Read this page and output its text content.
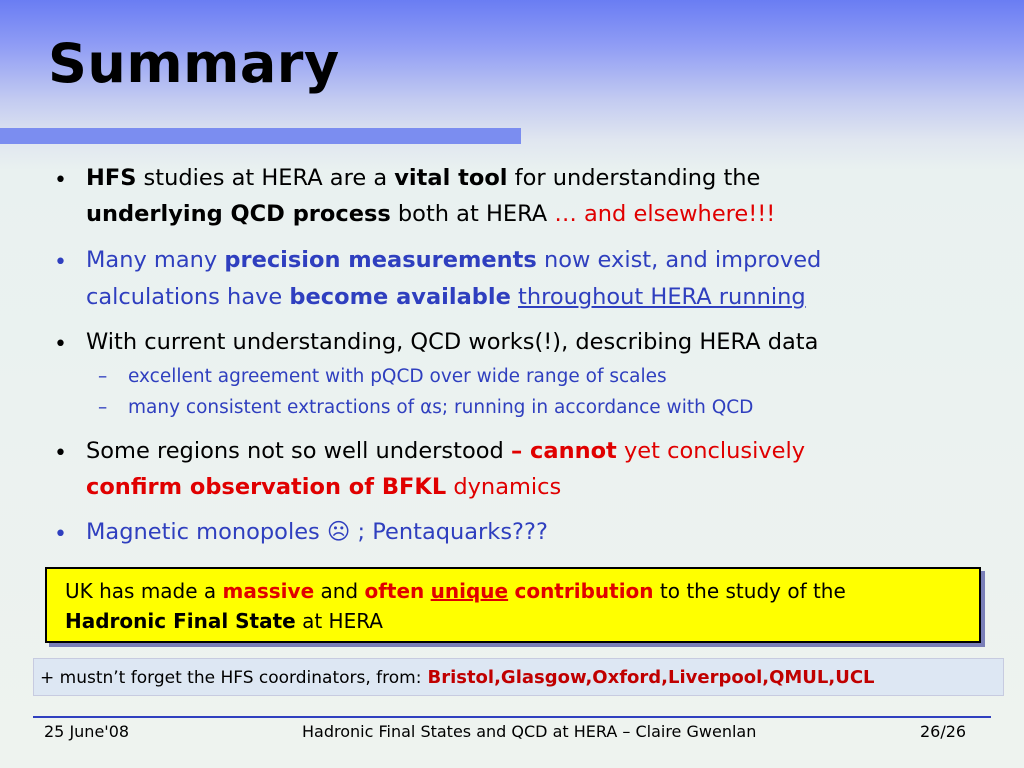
Summary
• HFS studies at HERA are a vital tool for understanding the
underlying QCD process both at HERA … and elsewhere!!!
• Many many precision measurements now exist, and improved
calculations have become available throughout HERA running
• With current understanding, QCD works(!), describing HERA data
– excellent agreement with pQCD over wide range of scales
– many consistent extractions of αs; running in accordance with QCD
• Some regions not so well understood – cannot yet conclusively
confirm observation of BFKL dynamics
• Magnetic monopoles ☹ ; Pentaquarks???
UK has made a massive and often unique contribution to the study of the
Hadronic Final State at HERA
+ mustn’t forget the HFS coordinators, from: Bristol,Glasgow,Oxford,Liverpool,QMUL,UCL
25 June'08	Hadronic Final States and QCD at HERA – Claire Gwenlan	26/26
